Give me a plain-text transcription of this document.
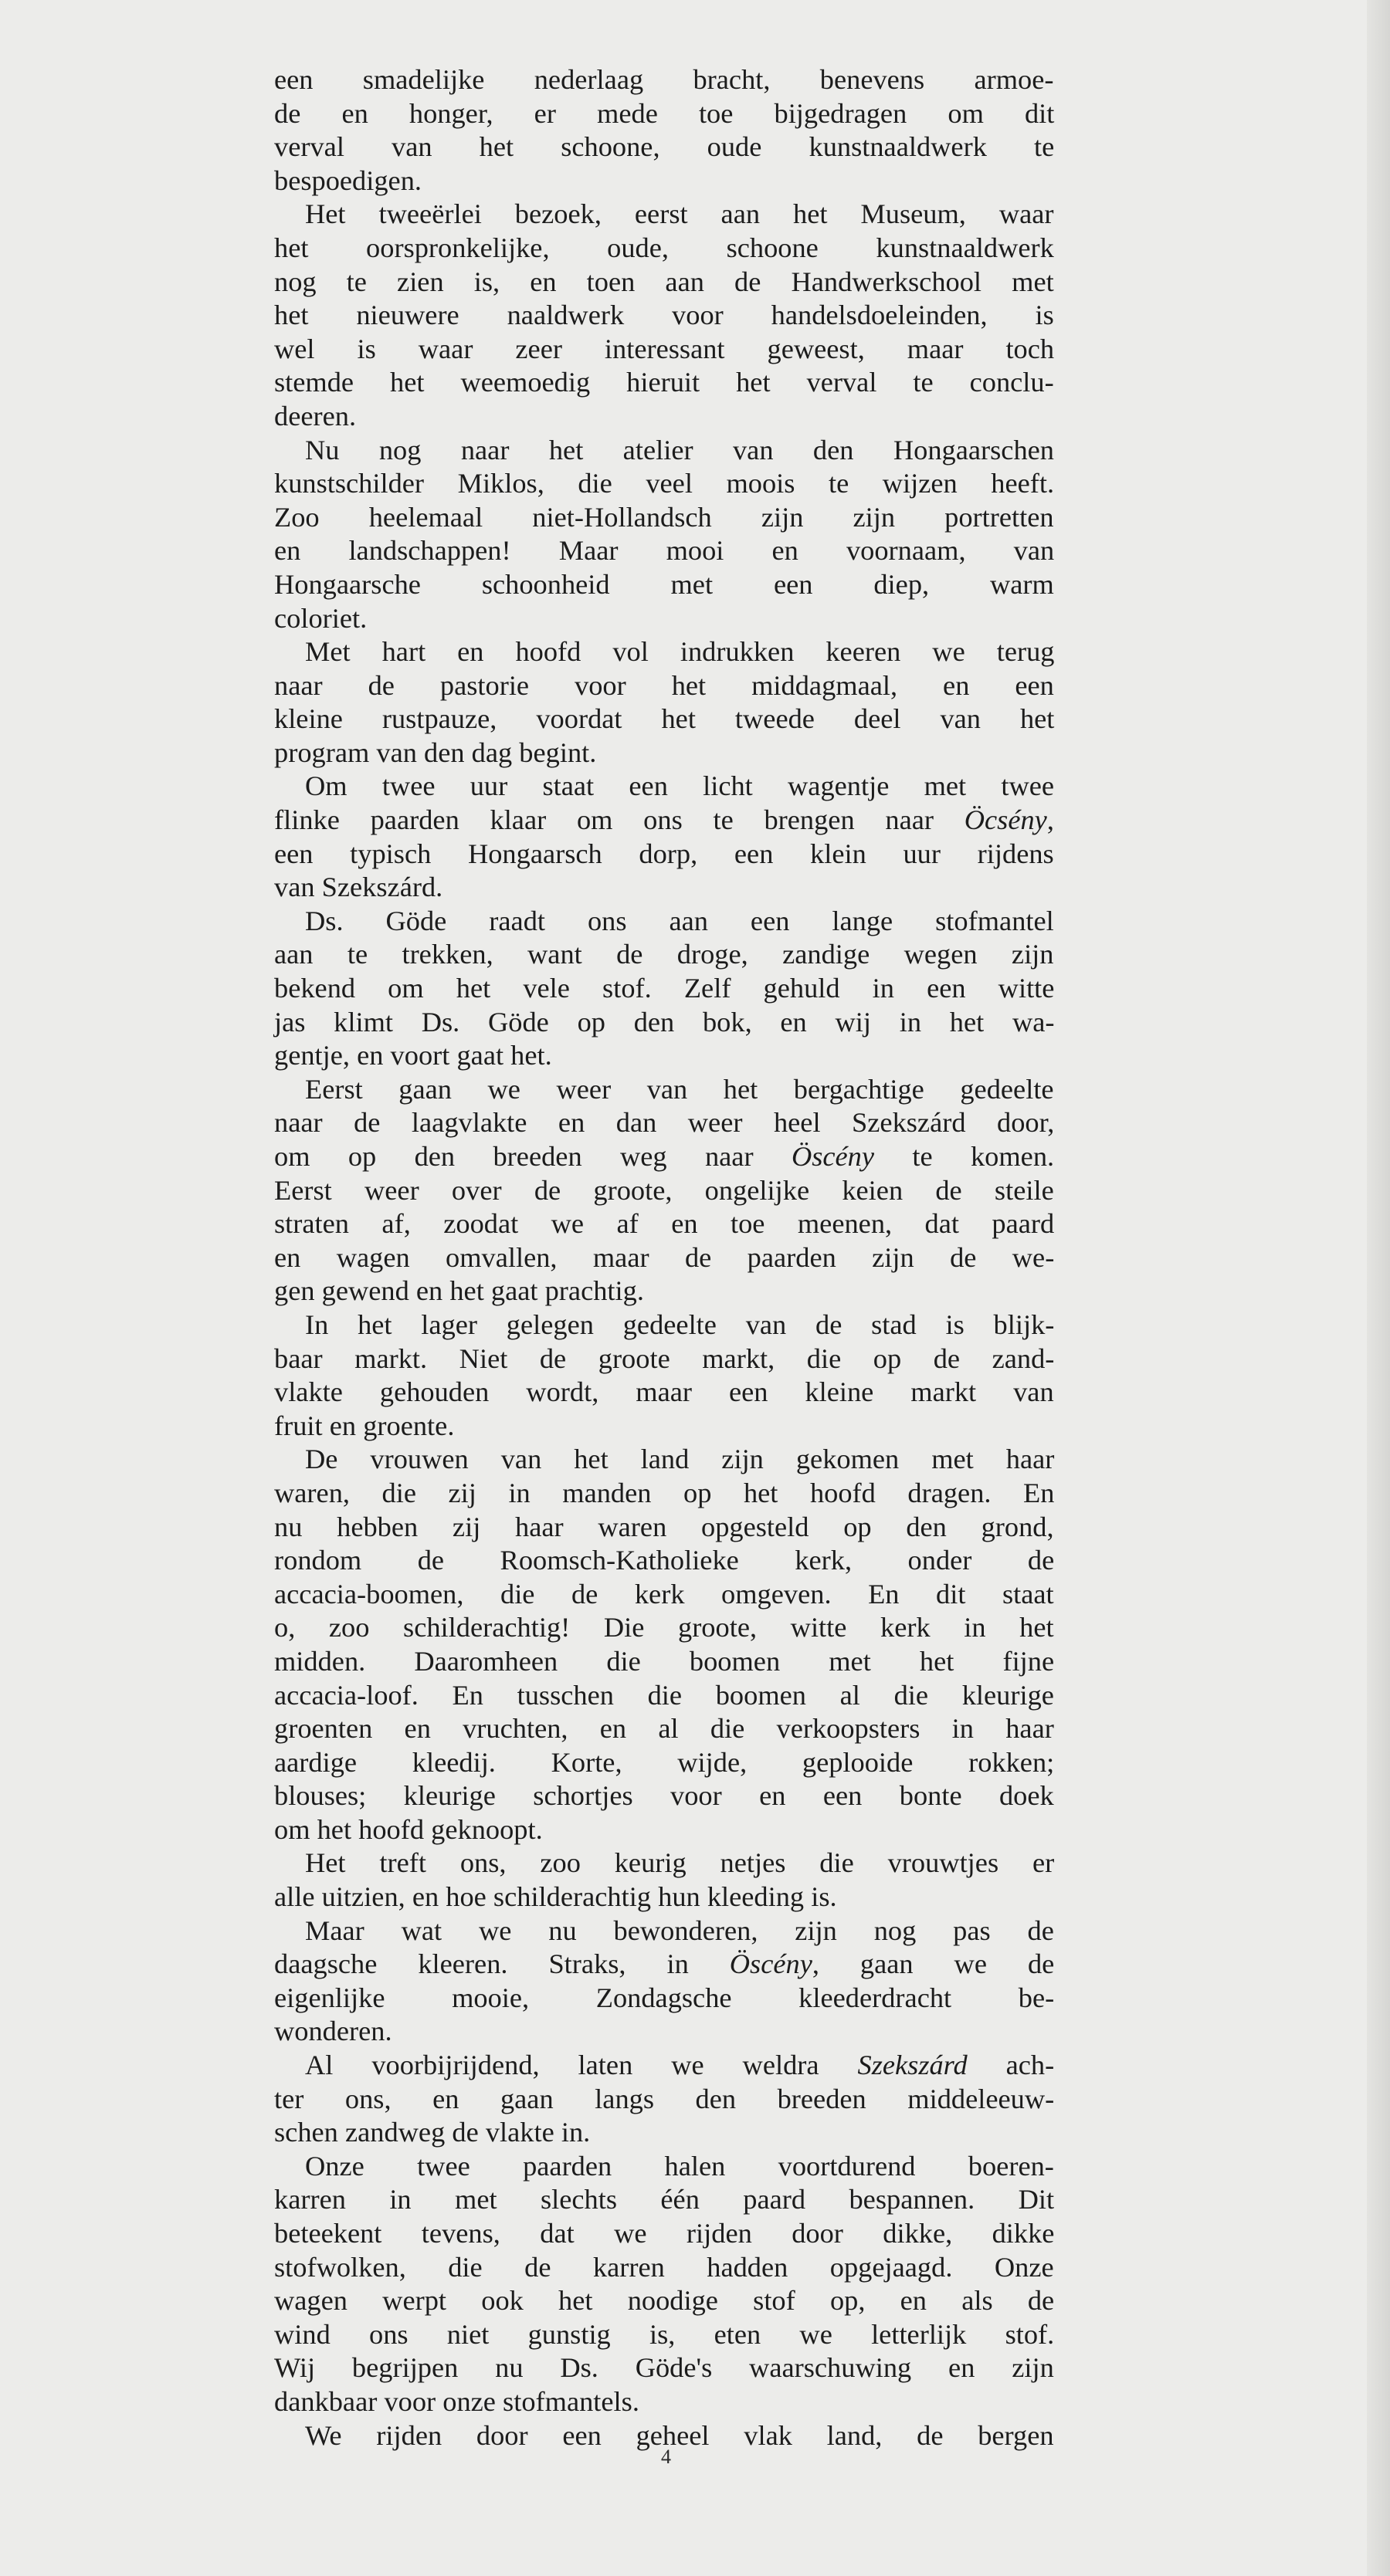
een smadelijke nederlaag bracht, benevens armoe-
de en honger, er mede toe bijgedragen om dit
verval van het schoone, oude kunstnaaldwerk te
bespoedigen.
Het tweeërlei bezoek, eerst aan het Museum, waar
het oorspronkelijke, oude, schoone kunstnaaldwerk
nog te zien is, en toen aan de Handwerkschool met
het nieuwere naaldwerk voor handelsdoeleinden, is
wel is waar zeer interessant geweest, maar toch
stemde het weemoedig hieruit het verval te conclu-
deeren.
Nu nog naar het atelier van den Hongaarschen
kunstschilder Miklos, die veel moois te wijzen heeft.
Zoo heelemaal niet-Hollandsch zijn zijn portretten
en landschappen! Maar mooi en voornaam, van
Hongaarsche schoonheid met een diep, warm
coloriet.
Met hart en hoofd vol indrukken keeren we terug
naar de pastorie voor het middagmaal, en een
kleine rustpauze, voordat het tweede deel van het
program van den dag begint.
Om twee uur staat een licht wagentje met twee
flinke paarden klaar om ons te brengen naar Öcsény,
een typisch Hongaarsch dorp, een klein uur rijdens
van Szekszárd.
Ds. Göde raadt ons aan een lange stofmantel
aan te trekken, want de droge, zandige wegen zijn
bekend om het vele stof. Zelf gehuld in een witte
jas klimt Ds. Göde op den bok, en wij in het wa-
gentje, en voort gaat het.
Eerst gaan we weer van het bergachtige gedeelte
naar de laagvlakte en dan weer heel Szekszárd door,
om op den breeden weg naar Öscény te komen.
Eerst weer over de groote, ongelijke keien de steile
straten af, zoodat we af en toe meenen, dat paard
en wagen omvallen, maar de paarden zijn de we-
gen gewend en het gaat prachtig.
In het lager gelegen gedeelte van de stad is blijk-
baar markt. Niet de groote markt, die op de zand-
vlakte gehouden wordt, maar een kleine markt van
fruit en groente.
De vrouwen van het land zijn gekomen met haar
waren, die zij in manden op het hoofd dragen. En
nu hebben zij haar waren opgesteld op den grond,
rondom de Roomsch-Katholieke kerk, onder de
accacia-boomen, die de kerk omgeven. En dit staat
o, zoo schilderachtig! Die groote, witte kerk in het
midden. Daaromheen die boomen met het fijne
accacia-loof. En tusschen die boomen al die kleurige
groenten en vruchten, en al die verkoopsters in haar
aardige kleedij. Korte, wijde, geplooide rokken;
blouses; kleurige schortjes voor en een bonte doek
om het hoofd geknoopt.
Het treft ons, zoo keurig netjes die vrouwtjes er
alle uitzien, en hoe schilderachtig hun kleeding is.
Maar wat we nu bewonderen, zijn nog pas de
daagsche kleeren. Straks, in Öscény, gaan we de
eigenlijke mooie, Zondagsche kleederdracht be-
wonderen.
Al voorbijrijdend, laten we weldra Szekszárd ach-
ter ons, en gaan langs den breeden middeleeuw-
schen zandweg de vlakte in.
Onze twee paarden halen voortdurend boeren-
karren in met slechts één paard bespannen. Dit
beteekent tevens, dat we rijden door dikke, dikke
stofwolken, die de karren hadden opgejaagd. Onze
wagen werpt ook het noodige stof op, en als de
wind ons niet gunstig is, eten we letterlijk stof.
Wij begrijpen nu Ds. Göde's waarschuwing en zijn
dankbaar voor onze stofmantels.
We rijden door een geheel vlak land, de bergen
4
